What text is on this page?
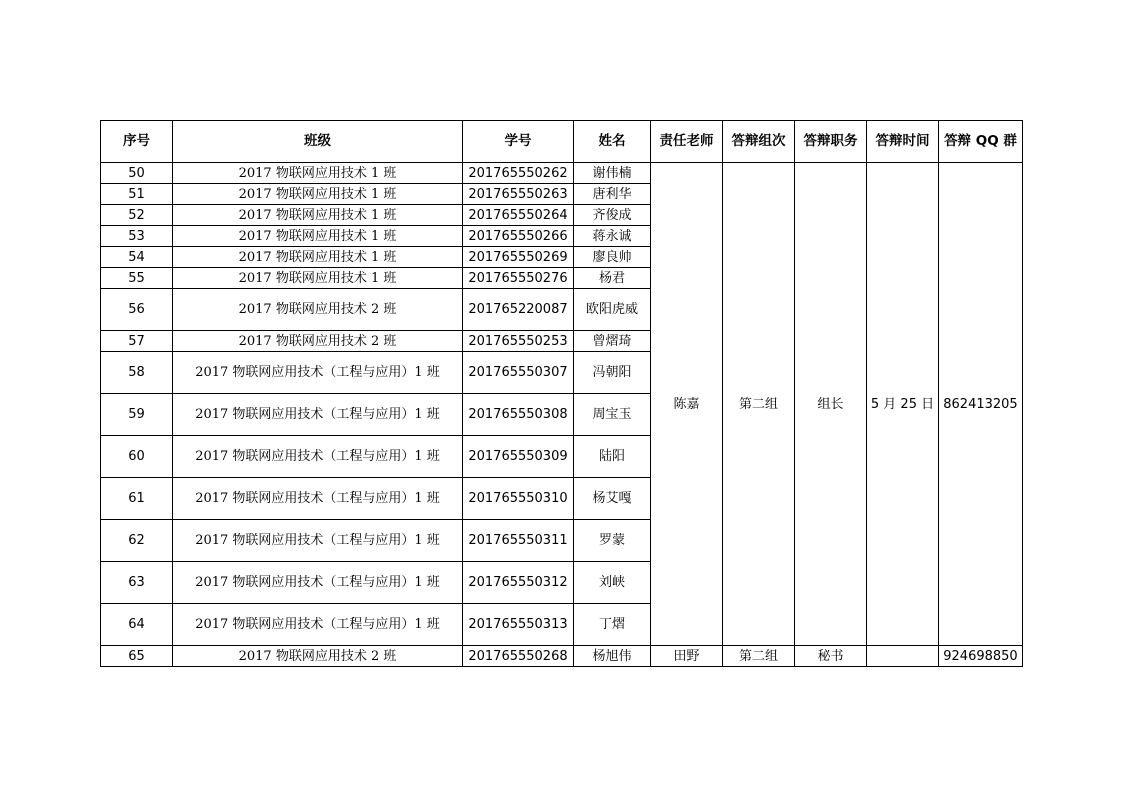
序号	班级	学号	姓名	责任老师	答辩组次	答辩职务	答辩时间	答辩 QQ 群
50	2017 物联网应用技术 1 班	201765550262	谢伟楠	陈嘉	第二组	组长	5 月 25 日	862413205
51	2017 物联网应用技术 1 班	201765550263	唐利华					
52	2017 物联网应用技术 1 班	201765550264	齐俊成					
53	2017 物联网应用技术 1 班	201765550266	蒋永诚					
54	2017 物联网应用技术 1 班	201765550269	廖良帅					
55	2017 物联网应用技术 1 班	201765550276	杨君					
56	2017 物联网应用技术 2 班	201765220087	欧阳虎威					
57	2017 物联网应用技术 2 班	201765550253	曾熠琦					
58	2017 物联网应用技术（工程与应用）1 班	201765550307	冯朝阳					
59	2017 物联网应用技术（工程与应用）1 班	201765550308	周宝玉					
60	2017 物联网应用技术（工程与应用）1 班	201765550309	陆阳					
61	2017 物联网应用技术（工程与应用）1 班	201765550310	杨艾嘎					
62	2017 物联网应用技术（工程与应用）1 班	201765550311	罗蒙					
63	2017 物联网应用技术（工程与应用）1 班	201765550312	刘峡					
64	2017 物联网应用技术（工程与应用）1 班	201765550313	丁熠					
65	2017 物联网应用技术 2 班	201765550268	杨旭伟	田野	第二组	秘书		924698850
